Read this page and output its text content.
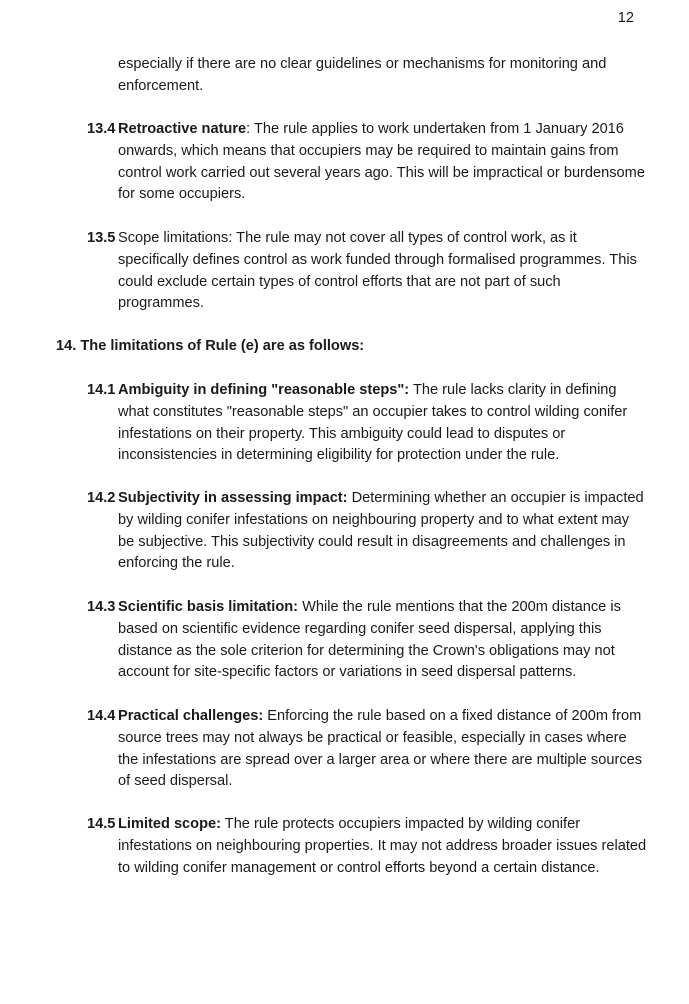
12
especially if there are no clear guidelines or mechanisms for monitoring and enforcement.
13.4 Retroactive nature: The rule applies to work undertaken from 1 January 2016 onwards, which means that occupiers may be required to maintain gains from control work carried out several years ago. This will be impractical or burdensome for some occupiers.
13.5 Scope limitations: The rule may not cover all types of control work, as it specifically defines control as work funded through formalised programmes. This could exclude certain types of control efforts that are not part of such programmes.
14. The limitations of Rule (e) are as follows:
14.1 Ambiguity in defining "reasonable steps": The rule lacks clarity in defining what constitutes "reasonable steps" an occupier takes to control wilding conifer infestations on their property. This ambiguity could lead to disputes or inconsistencies in determining eligibility for protection under the rule.
14.2 Subjectivity in assessing impact: Determining whether an occupier is impacted by wilding conifer infestations on neighbouring property and to what extent may be subjective. This subjectivity could result in disagreements and challenges in enforcing the rule.
14.3 Scientific basis limitation: While the rule mentions that the 200m distance is based on scientific evidence regarding conifer seed dispersal, applying this distance as the sole criterion for determining the Crown's obligations may not account for site-specific factors or variations in seed dispersal patterns.
14.4 Practical challenges: Enforcing the rule based on a fixed distance of 200m from source trees may not always be practical or feasible, especially in cases where the infestations are spread over a larger area or where there are multiple sources of seed dispersal.
14.5 Limited scope: The rule protects occupiers impacted by wilding conifer infestations on neighbouring properties. It may not address broader issues related to wilding conifer management or control efforts beyond a certain distance.
